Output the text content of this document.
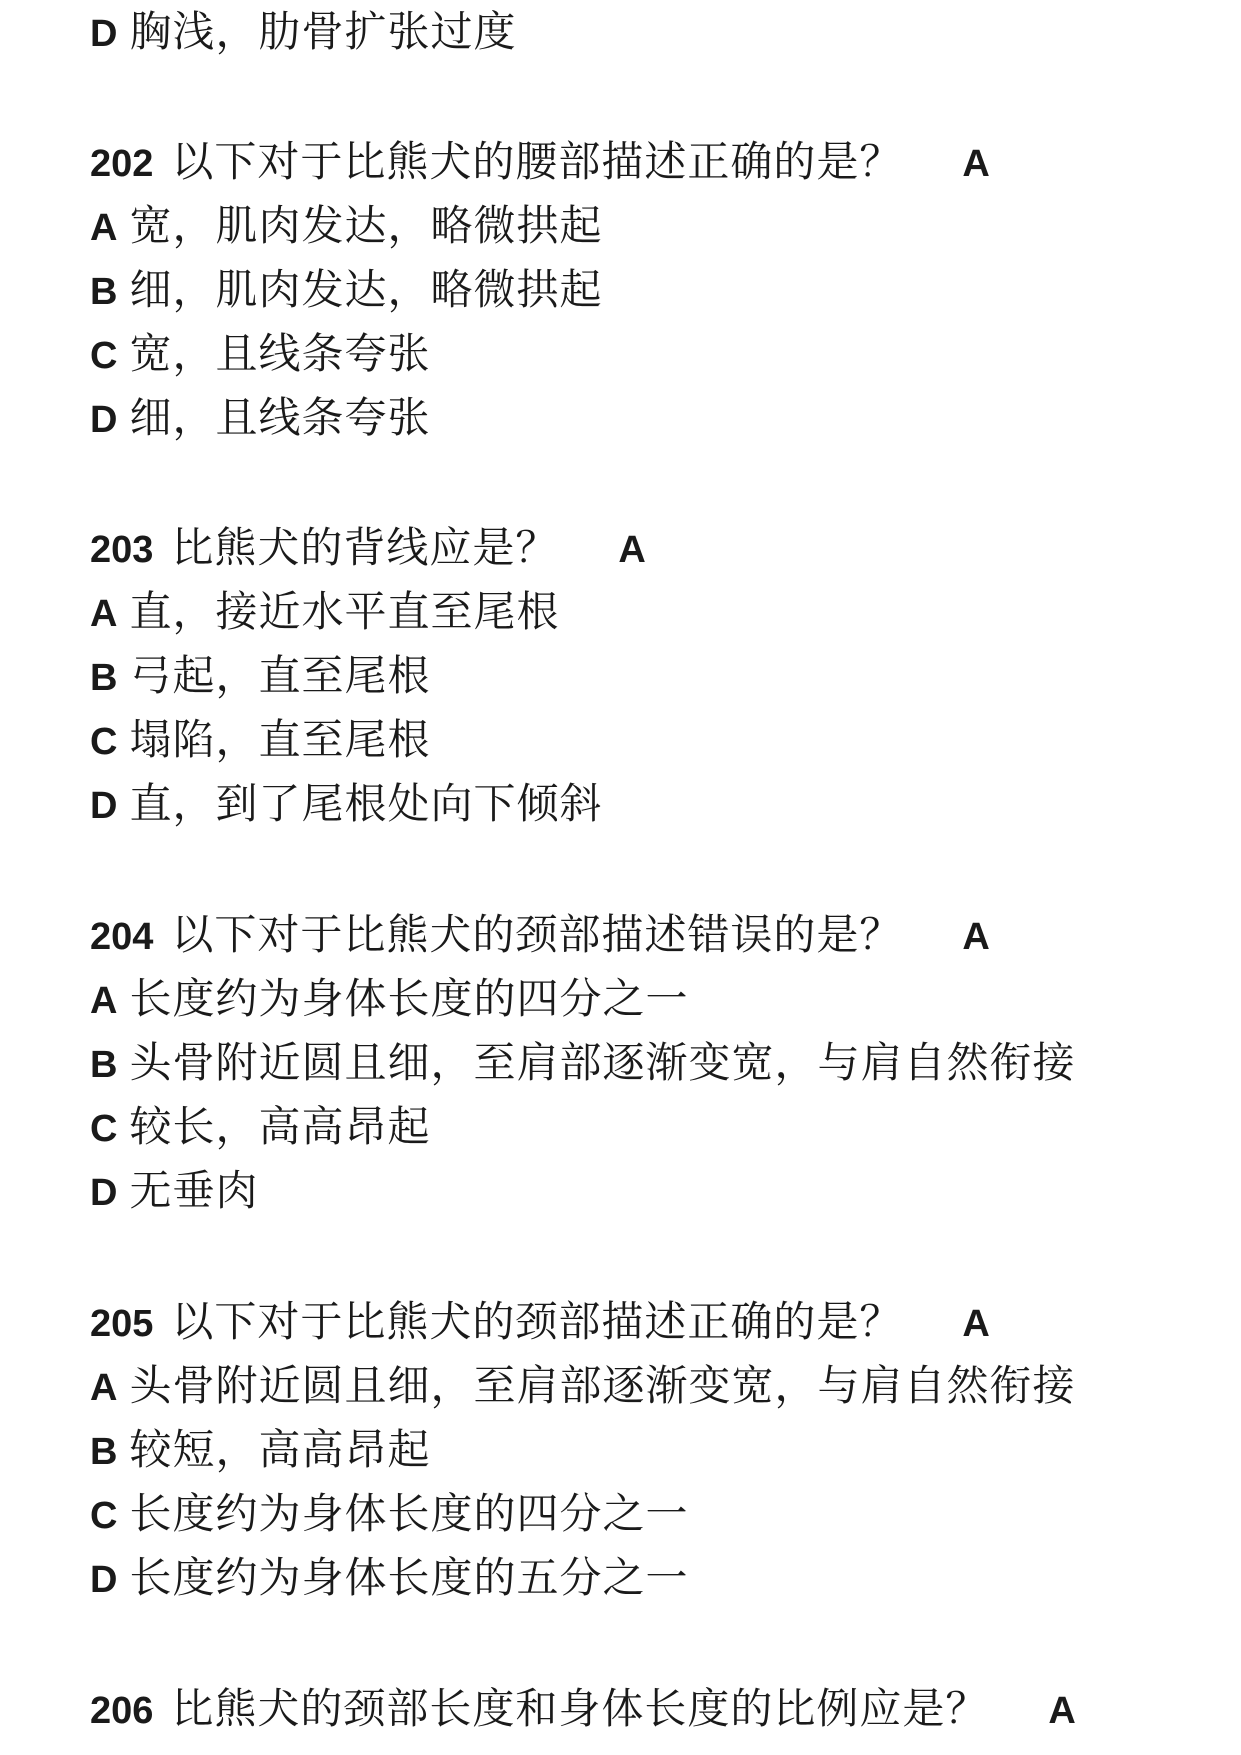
D 胸浅，肋骨扩张过度
202 以下对于比熊犬的腰部描述正确的是？ A
A 宽，肌肉发达，略微拱起
B 细，肌肉发达，略微拱起
C 宽，且线条夸张
D 细，且线条夸张
203 比熊犬的背线应是？ A
A 直，接近水平直至尾根
B 弓起，直至尾根
C 塌陷，直至尾根
D 直，到了尾根处向下倾斜
204 以下对于比熊犬的颈部描述错误的是？ A
A 长度约为身体长度的四分之一
B 头骨附近圆且细，至肩部逐渐变宽，与肩自然衔接
C 较长，高高昂起
D 无垂肉
205 以下对于比熊犬的颈部描述正确的是？ A
A 头骨附近圆且细，至肩部逐渐变宽，与肩自然衔接
B 较短，高高昂起
C 长度约为身体长度的四分之一
D 长度约为身体长度的五分之一
206 比熊犬的颈部长度和身体长度的比例应是？ A
